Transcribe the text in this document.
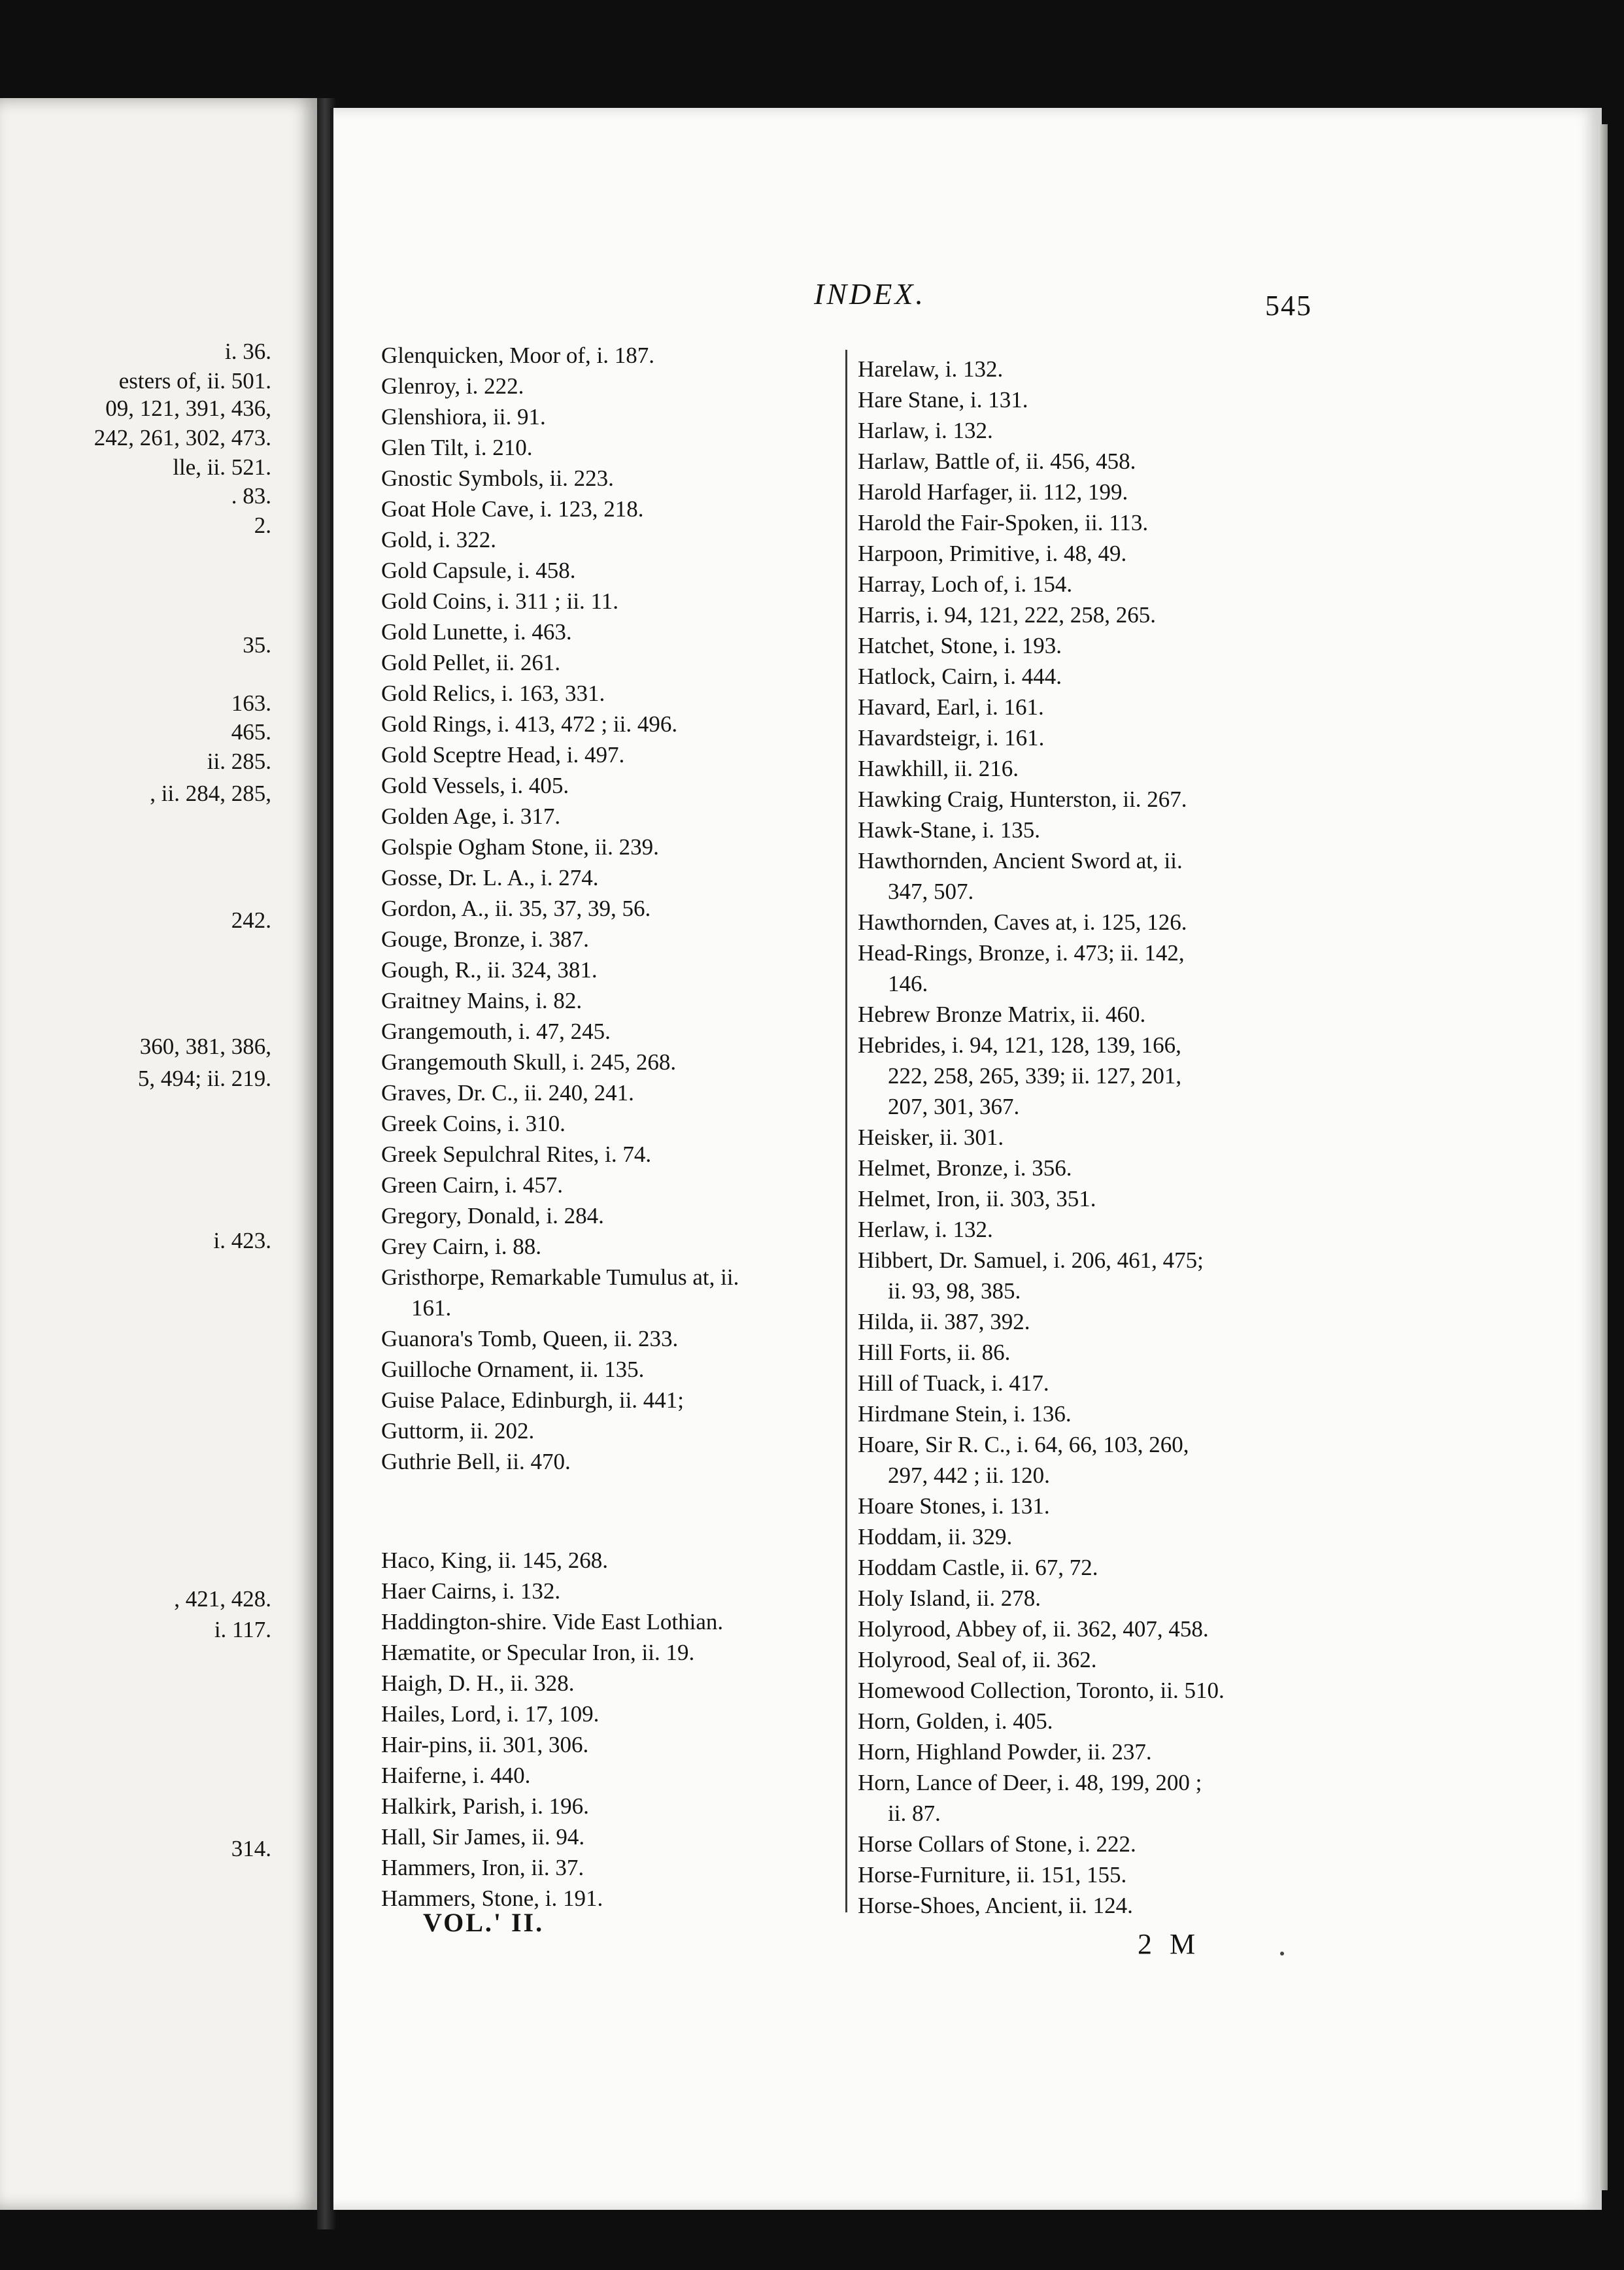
i. 36.
esters of, ii. 501.
09, 121, 391, 436,
242, 261, 302, 473.
lle, ii. 521.
. 83.
2.
35.
163.
465.
ii. 285.
, ii. 284, 285,
242.
360, 381, 386,
5, 494; ii. 219.
i. 423.
, 421, 428.
i. 117.
314.
INDEX.	545
Glenquicken, Moor of, i. 187.
Glenroy, i. 222.
Glenshiora, ii. 91.
Glen Tilt, i. 210.
Gnostic Symbols, ii. 223.
Goat Hole Cave, i. 123, 218.
Gold, i. 322.
Gold Capsule, i. 458.
Gold Coins, i. 311 ; ii. 11.
Gold Lunette, i. 463.
Gold Pellet, ii. 261.
Gold Relics, i. 163, 331.
Gold Rings, i. 413, 472 ; ii. 496.
Gold Sceptre Head, i. 497.
Gold Vessels, i. 405.
Golden Age, i. 317.
Golspie Ogham Stone, ii. 239.
Gosse, Dr. L. A., i. 274.
Gordon, A., ii. 35, 37, 39, 56.
Gouge, Bronze, i. 387.
Gough, R., ii. 324, 381.
Graitney Mains, i. 82.
Grangemouth, i. 47, 245.
Grangemouth Skull, i. 245, 268.
Graves, Dr. C., ii. 240, 241.
Greek Coins, i. 310.
Greek Sepulchral Rites, i. 74.
Green Cairn, i. 457.
Gregory, Donald, i. 284.
Grey Cairn, i. 88.
Gristhorpe, Remarkable Tumulus at, ii.
161.
Guanora's Tomb, Queen, ii. 233.
Guilloche Ornament, ii. 135.
Guise Palace, Edinburgh, ii. 441;
Guttorm, ii. 202.
Guthrie Bell, ii. 470.
Haco, King, ii. 145, 268.
Haer Cairns, i. 132.
Haddington-shire. Vide East Lothian.
Hæmatite, or Specular Iron, ii. 19.
Haigh, D. H., ii. 328.
Hailes, Lord, i. 17, 109.
Hair-pins, ii. 301, 306.
Haiferne, i. 440.
Halkirk, Parish, i. 196.
Hall, Sir James, ii. 94.
Hammers, Iron, ii. 37.
Hammers, Stone, i. 191.
Harelaw, i. 132.
Hare Stane, i. 131.
Harlaw, i. 132.
Harlaw, Battle of, ii. 456, 458.
Harold Harfager, ii. 112, 199.
Harold the Fair-Spoken, ii. 113.
Harpoon, Primitive, i. 48, 49.
Harray, Loch of, i. 154.
Harris, i. 94, 121, 222, 258, 265.
Hatchet, Stone, i. 193.
Hatlock, Cairn, i. 444.
Havard, Earl, i. 161.
Havardsteigr, i. 161.
Hawkhill, ii. 216.
Hawking Craig, Hunterston, ii. 267.
Hawk-Stane, i. 135.
Hawthornden, Ancient Sword at, ii.
347, 507.
Hawthornden, Caves at, i. 125, 126.
Head-Rings, Bronze, i. 473; ii. 142,
146.
Hebrew Bronze Matrix, ii. 460.
Hebrides, i. 94, 121, 128, 139, 166,
222, 258, 265, 339; ii. 127, 201,
207, 301, 367.
Heisker, ii. 301.
Helmet, Bronze, i. 356.
Helmet, Iron, ii. 303, 351.
Herlaw, i. 132.
Hibbert, Dr. Samuel, i. 206, 461, 475;
ii. 93, 98, 385.
Hilda, ii. 387, 392.
Hill Forts, ii. 86.
Hill of Tuack, i. 417.
Hirdmane Stein, i. 136.
Hoare, Sir R. C., i. 64, 66, 103, 260,
297, 442 ; ii. 120.
Hoare Stones, i. 131.
Hoddam, ii. 329.
Hoddam Castle, ii. 67, 72.
Holy Island, ii. 278.
Holyrood, Abbey of, ii. 362, 407, 458.
Holyrood, Seal of, ii. 362.
Homewood Collection, Toronto, ii. 510.
Horn, Golden, i. 405.
Horn, Highland Powder, ii. 237.
Horn, Lance of Deer, i. 48, 199, 200 ;
ii. 87.
Horse Collars of Stone, i. 222.
Horse-Furniture, ii. 151, 155.
Horse-Shoes, Ancient, ii. 124.
VOL.' II.
2 M
